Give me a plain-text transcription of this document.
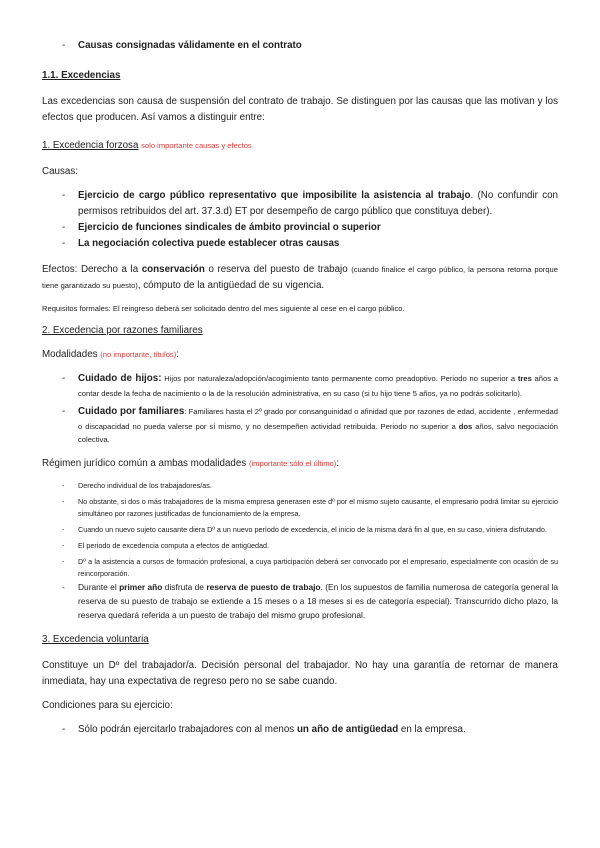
- Causas consignadas válidamente en el contrato

1.1. Excedencias

Las excedencias son causa de suspensión del contrato de trabajo. Se distinguen por las causas que las motivan y los efectos que producen. Así vamos a distinguir entre:

1. Excedencia forzosa solo importante causas y efectos

Causas:

- Ejercicio de cargo público representativo que imposibilite la asistencia al trabajo. (No confundir con permisos retribuidos del art. 37.3.d) ET por desempeño de cargo público que constituya deber).
- Ejercicio de funciones sindicales de ámbito provincial o superior
- La negociación colectiva puede establecer otras causas

Efectos: Derecho a la conservación o reserva del puesto de trabajo (cuando finalice el cargo público, la persona retorna porque tiene garantizado su puesto), cómputo de la antigüedad de su vigencia.

Requisitos formales: El reingreso deberá ser solicitado dentro del mes siguiente al cese en el cargo público.

2. Excedencia por razones familiares

Modalidades (no importante, títulos):

- Cuidado de hijos: Hijos por naturaleza/adopción/acogimiento tanto permanente como preadoptivo. Periodo no superior a tres años a contar desde la fecha de nacimiento o la de la resolución administrativa, en su caso (si tu hijo tiene 5 años, ya no podrás solicitarlo).
- Cuidado por familiares: Familiares hasta el 2º grado por consanguinidad o afinidad que por razones de edad, accidente , enfermedad o discapacidad no pueda valerse por sí mismo, y no desempeñen actividad retribuida. Periodo no superior a dos años, salvo negociación colectiva.

Régimen jurídico común a ambas modalidades (importante sólo el último):

- Derecho individual de los trabajadores/as.
- No obstante, si dos o más trabajadores de la misma empresa generasen este dº por el mismo sujeto causante, el empresario podrá limitar su ejercicio simultáneo por razones justificadas de funcionamiento de la empresa.
- Cuando un nuevo sujeto causante diera Dº a un nuevo período de excedencia, el inicio de la misma dará fin al que, en su caso, viniera disfrutando.
- El periodo de excedencia computa a efectos de antigüedad.
- Dº a la asistencia a cursos de formación profesional, a cuya participación deberá ser convocado por el empresario, especialmente con ocasión de su reincorporación.
- Durante el primer año disfruta de reserva de puesto de trabajo. (En los supuestos de familia numerosa de categoría general la reserva de su puesto de trabajo se extiende a 15 meses o a 18 meses si es de categoría especial). Transcurrido dicho plazo, la reserva quedará referida a un puesto de trabajo del mismo grupo profesional.

3. Excedencia voluntaria

Constituye un Dº del trabajador/a. Decisión personal del trabajador. No hay una garantía de retornar de manera inmediata, hay una expectativa de regreso pero no se sabe cuando.

Condiciones para su ejercicio:

- Sólo podrán ejercitarlo trabajadores con al menos un año de antigüedad en la empresa.
